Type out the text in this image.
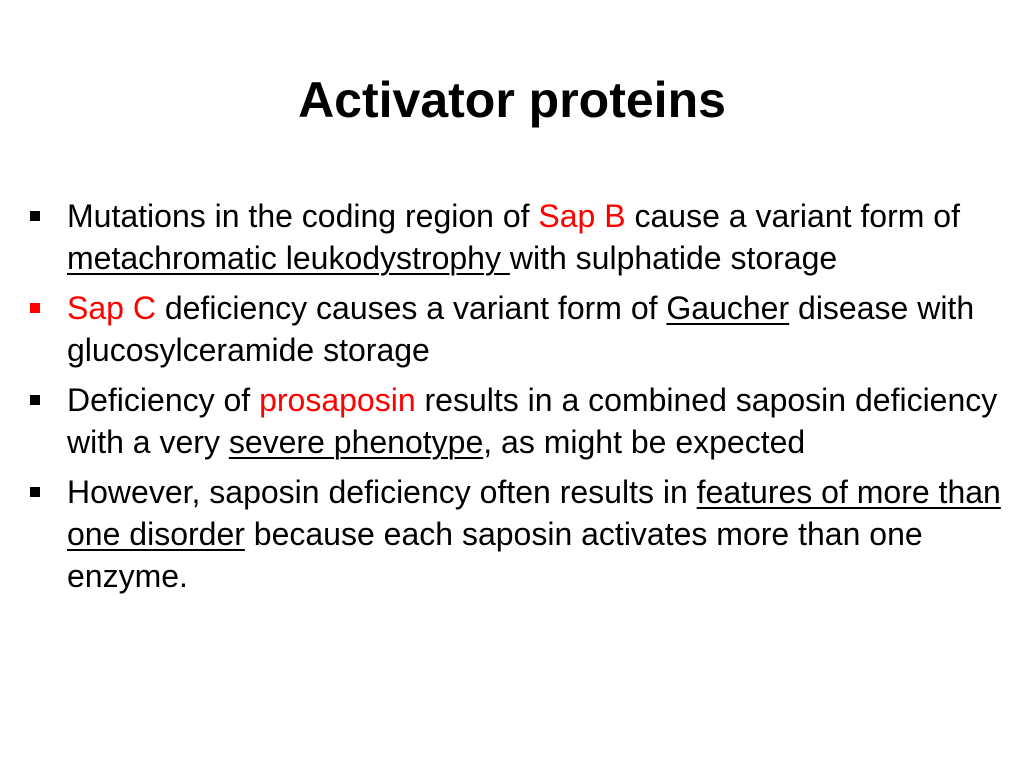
Activator proteins
Mutations in the coding region of Sap B cause a variant form of metachromatic leukodystrophy with sulphatide storage
Sap C deficiency causes a variant form of Gaucher disease with glucosylceramide storage
Deficiency of prosaposin results in a combined saposin deficiency with a very severe phenotype, as might be expected
However, saposin deficiency often results in features of more than one disorder because each saposin activates more than one enzyme.
